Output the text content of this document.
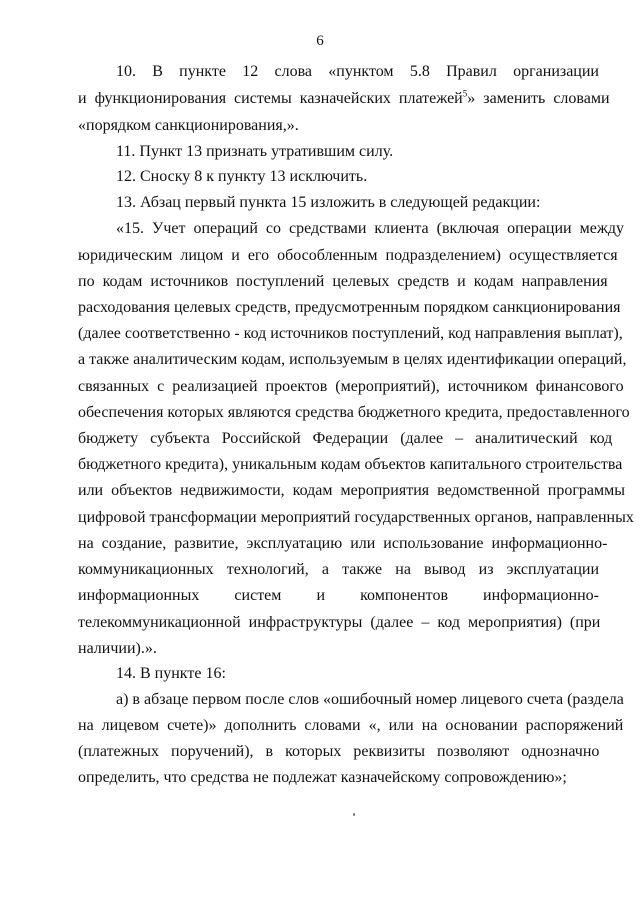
6
10.   В   пункте   12   слова   «пунктом   5.8   Правил   организации
и  функционирования  системы  казначейских  платежей$^5$»  заменить  словами
«порядком санкционирования,».
11. Пункт 13 признать утратившим силу.
12. Сноску 8 к пункту 13 исключить.
13. Абзац первый пункта 15 изложить в следующей редакции:
«15.  Учет  операций  со  средствами  клиента  (включая  операции  между
юридическим  лицом  и  его  обособленным  подразделением)  осуществляется
по  кодам  источников  поступлений  целевых  средств  и  кодам  направления
расходования целевых средств, предусмотренным порядком санкционирования
(далее соответственно - код источников поступлений, код направления выплат),
а также аналитическим кодам, используемым в целях идентификации операций,
связанных  с  реализацией  проектов  (мероприятий),  источником  финансового
обеспечения которых являются средства бюджетного кредита, предоставленного
бюджету   субъекта   Российской   Федерации   (далее   –   аналитический   код
бюджетного кредита), уникальным кодам объектов капитального строительства
или  объектов  недвижимости,  кодам  мероприятия  ведомственной  программы
цифровой трансформации мероприятий государственных органов, направленных
на  создание,  развитие,  эксплуатацию  или  использование  информационно-
коммуникационных   технологий,   а   также   на   вывод   из   эксплуатации
информационных    систем    и    компонентов    информационно-
телекоммуникационной  инфраструктуры  (далее  –  код  мероприятия)  (при
наличии).».
14. В пункте 16:
а) в абзаце первом после слов «ошибочный номер лицевого счета (раздела
на  лицевом  счете)»  дополнить  словами  «,  или  на  основании  распоряжений
(платежных   поручений),   в   которых   реквизиты   позволяют   однозначно
определить, что средства не подлежат казначейскому сопровождению»;
